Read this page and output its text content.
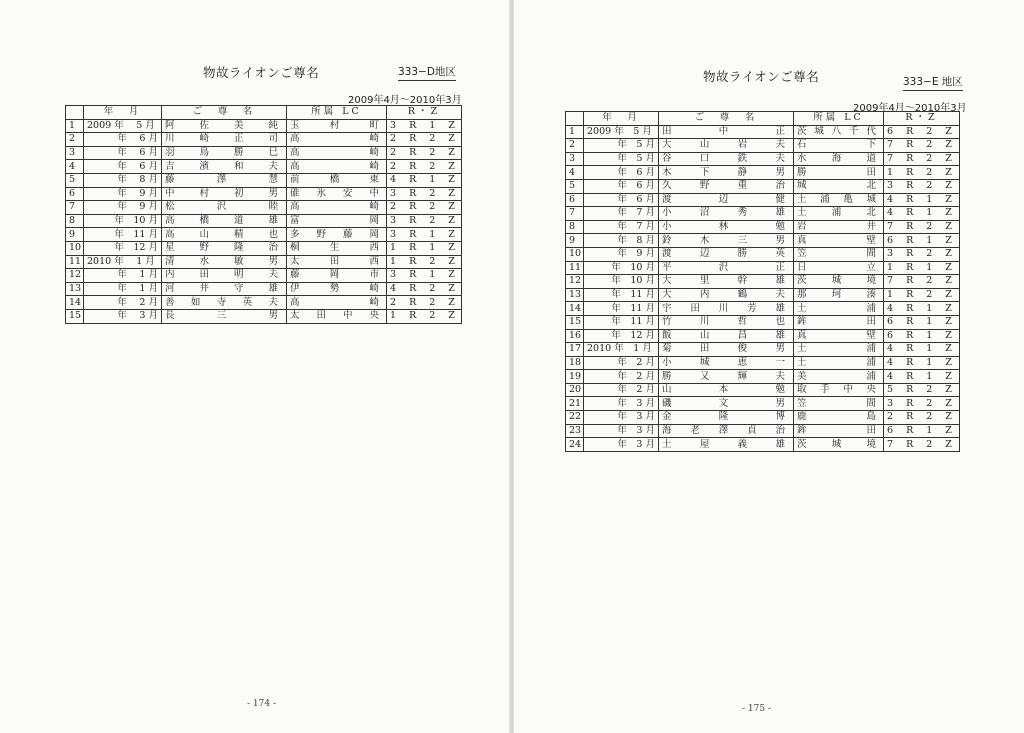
物故ライオンご尊名	333−D地区
2009年4月～2010年3月
	年　月	ご　尊　名	所属 LC	R・Z
1	2009 年　 5 月	阿佐美純	玉村町	3 R 1 Z
2	年　 6 月	川崎正司	高崎	2 R 2 Z
3	年　 6 月	羽鳥勝巳	高崎	2 R 2 Z
4	年　 6 月	吉濱和夫	高崎	2 R 2 Z
5	年　 8 月	藤澤慧	前橋東	4 R 1 Z
6	年　 9 月	中村初男	碓氷安中	3 R 2 Z
7	年　 9 月	松沢睦	高崎	2 R 2 Z
8	年　10 月	高橋道雄	富岡	3 R 2 Z
9	年　11 月	高山精也	多野藤岡	3 R 1 Z
10	年　12 月	星野隆治	桐生西	1 R 1 Z
11	2010 年　 1 月	清水敏男	太田西	1 R 2 Z
12	年　 1 月	内田明夫	藤岡市	3 R 1 Z
13	年　 1 月	河井守雄	伊勢崎	4 R 2 Z
14	年　 2 月	善如寺英夫	高崎	2 R 2 Z
15	年　 3 月	長三男	太田中央	1 R 2 Z
- 174 -
物故ライオンご尊名	333−E 地区
2009年4月～2010年3月
	年　月	ご　尊　名	所属 LC	R・Z
1	2009 年　5 月	田中正	茨城八千代	6 R 2 Z
2	年　5 月	大山岩夫	石下	7 R 2 Z
3	年　5 月	谷口鉄夫	水海道	7 R 2 Z
4	年　6 月	木下静男	勝田	1 R 2 Z
5	年　6 月	久野重治	城北	3 R 2 Z
6	年　6 月	渡辺健	土浦亀城	4 R 1 Z
7	年　7 月	小沼秀雄	土浦北	4 R 1 Z
8	年　7 月	小林勉	岩井	7 R 2 Z
9	年　8 月	鈴木三男	真壁	6 R 1 Z
10	年　9 月	渡辺勝英	笠間	3 R 2 Z
11	年　10 月	平沢正	日立	1 R 1 Z
12	年　10 月	大里幹雄	茨城境	7 R 2 Z
13	年　11 月	大内鶴夫	那珂湊	1 R 2 Z
14	年　11 月	宇田川芳雄	土浦	4 R 1 Z
15	年　11 月	竹川哲也	鉾田	6 R 1 Z
16	年　12 月	飯山昌雄	真壁	6 R 1 Z
17	2010 年　1 月	菊田俊男	土浦	4 R 1 Z
18	年　2 月	小城恵一	土浦	4 R 1 Z
19	年　2 月	勝又輝夫	美浦	4 R 1 Z
20	年　2 月	山本勉	取手中央	5 R 2 Z
21	年　3 月	磯文男	笠間	3 R 2 Z
22	年　3 月	金隆博	鹿島	2 R 2 Z
23	年　3 月	海老澤貞治	鉾田	6 R 1 Z
24	年　3 月	土屋義雄	茨城境	7 R 2 Z
- 175 -
